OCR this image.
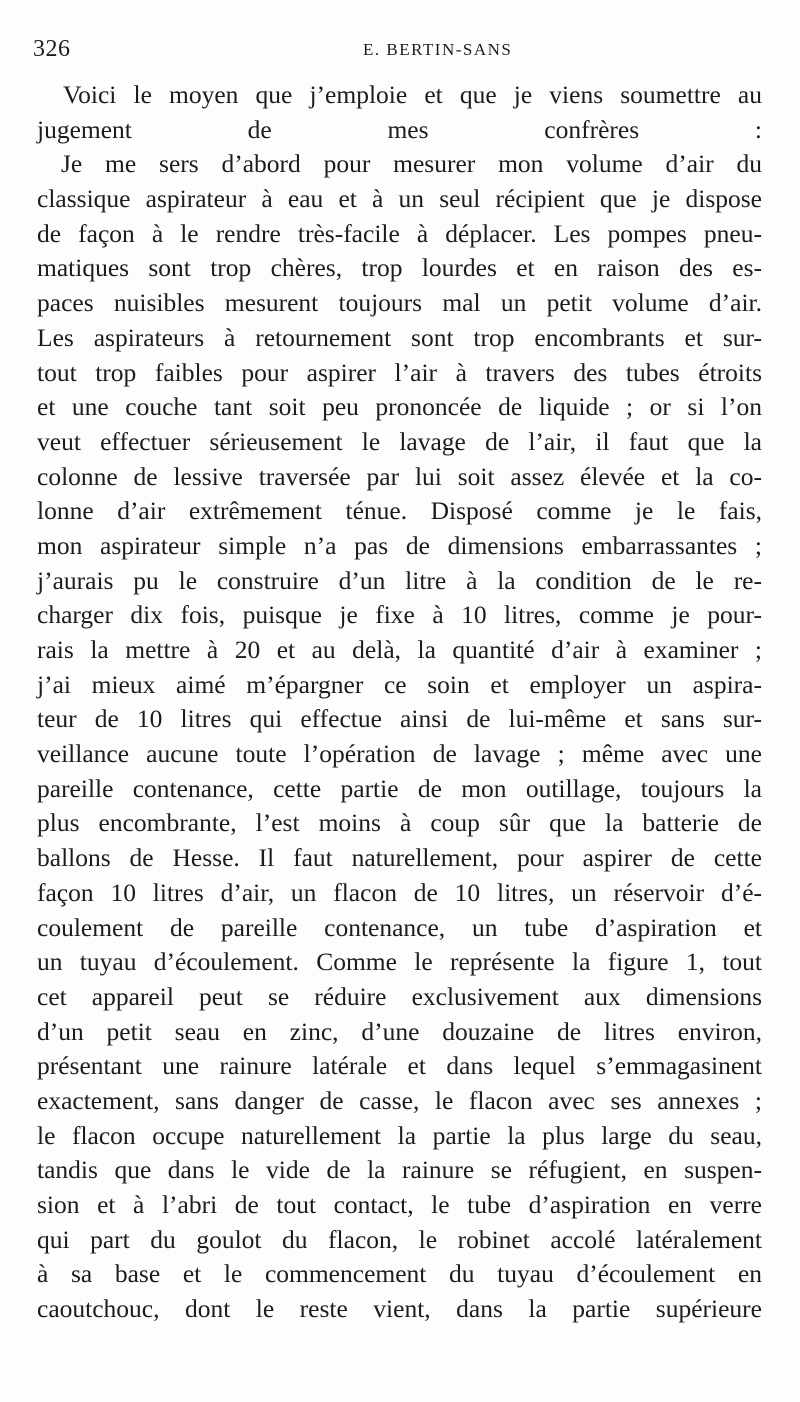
326	E. BERTIN-SANS
Voici le moyen que j’emploie et que je viens soumettre au
jugement de mes confrères :
Je me sers d’abord pour mesurer mon volume d’air du
classique aspirateur à eau et à un seul récipient que je dispose
de façon à le rendre très-facile à déplacer. Les pompes pneu-
matiques sont trop chères, trop lourdes et en raison des es-
paces nuisibles mesurent toujours mal un petit volume d’air.
Les aspirateurs à retournement sont trop encombrants et sur-
tout trop faibles pour aspirer l’air à travers des tubes étroits
et une couche tant soit peu prononcée de liquide ; or si l’on
veut effectuer sérieusement le lavage de l’air, il faut que la
colonne de lessive traversée par lui soit assez élevée et la co-
lonne d’air extrêmement ténue. Disposé comme je le fais,
mon aspirateur simple n’a pas de dimensions embarrassantes ;
j’aurais pu le construire d’un litre à la condition de le re-
charger dix fois, puisque je fixe à 10 litres, comme je pour-
rais la mettre à 20 et au delà, la quantité d’air à examiner ;
j’ai mieux aimé m’épargner ce soin et employer un aspira-
teur de 10 litres qui effectue ainsi de lui-même et sans sur-
veillance aucune toute l’opération de lavage ; même avec une
pareille contenance, cette partie de mon outillage, toujours la
plus encombrante, l’est moins à coup sûr que la batterie de
ballons de Hesse. Il faut naturellement, pour aspirer de cette
façon 10 litres d’air, un flacon de 10 litres, un réservoir d’é-
coulement de pareille contenance, un tube d’aspiration et
un tuyau d’écoulement. Comme le représente la figure 1, tout
cet appareil peut se réduire exclusivement aux dimensions
d’un petit seau en zinc, d’une douzaine de litres environ,
présentant une rainure latérale et dans lequel s’emmagasinent
exactement, sans danger de casse, le flacon avec ses annexes ;
le flacon occupe naturellement la partie la plus large du seau,
tandis que dans le vide de la rainure se réfugient, en suspen-
sion et à l’abri de tout contact, le tube d’aspiration en verre
qui part du goulot du flacon, le robinet accolé latéralement
à sa base et le commencement du tuyau d’écoulement en
caoutchouc, dont le reste vient, dans la partie supérieure
